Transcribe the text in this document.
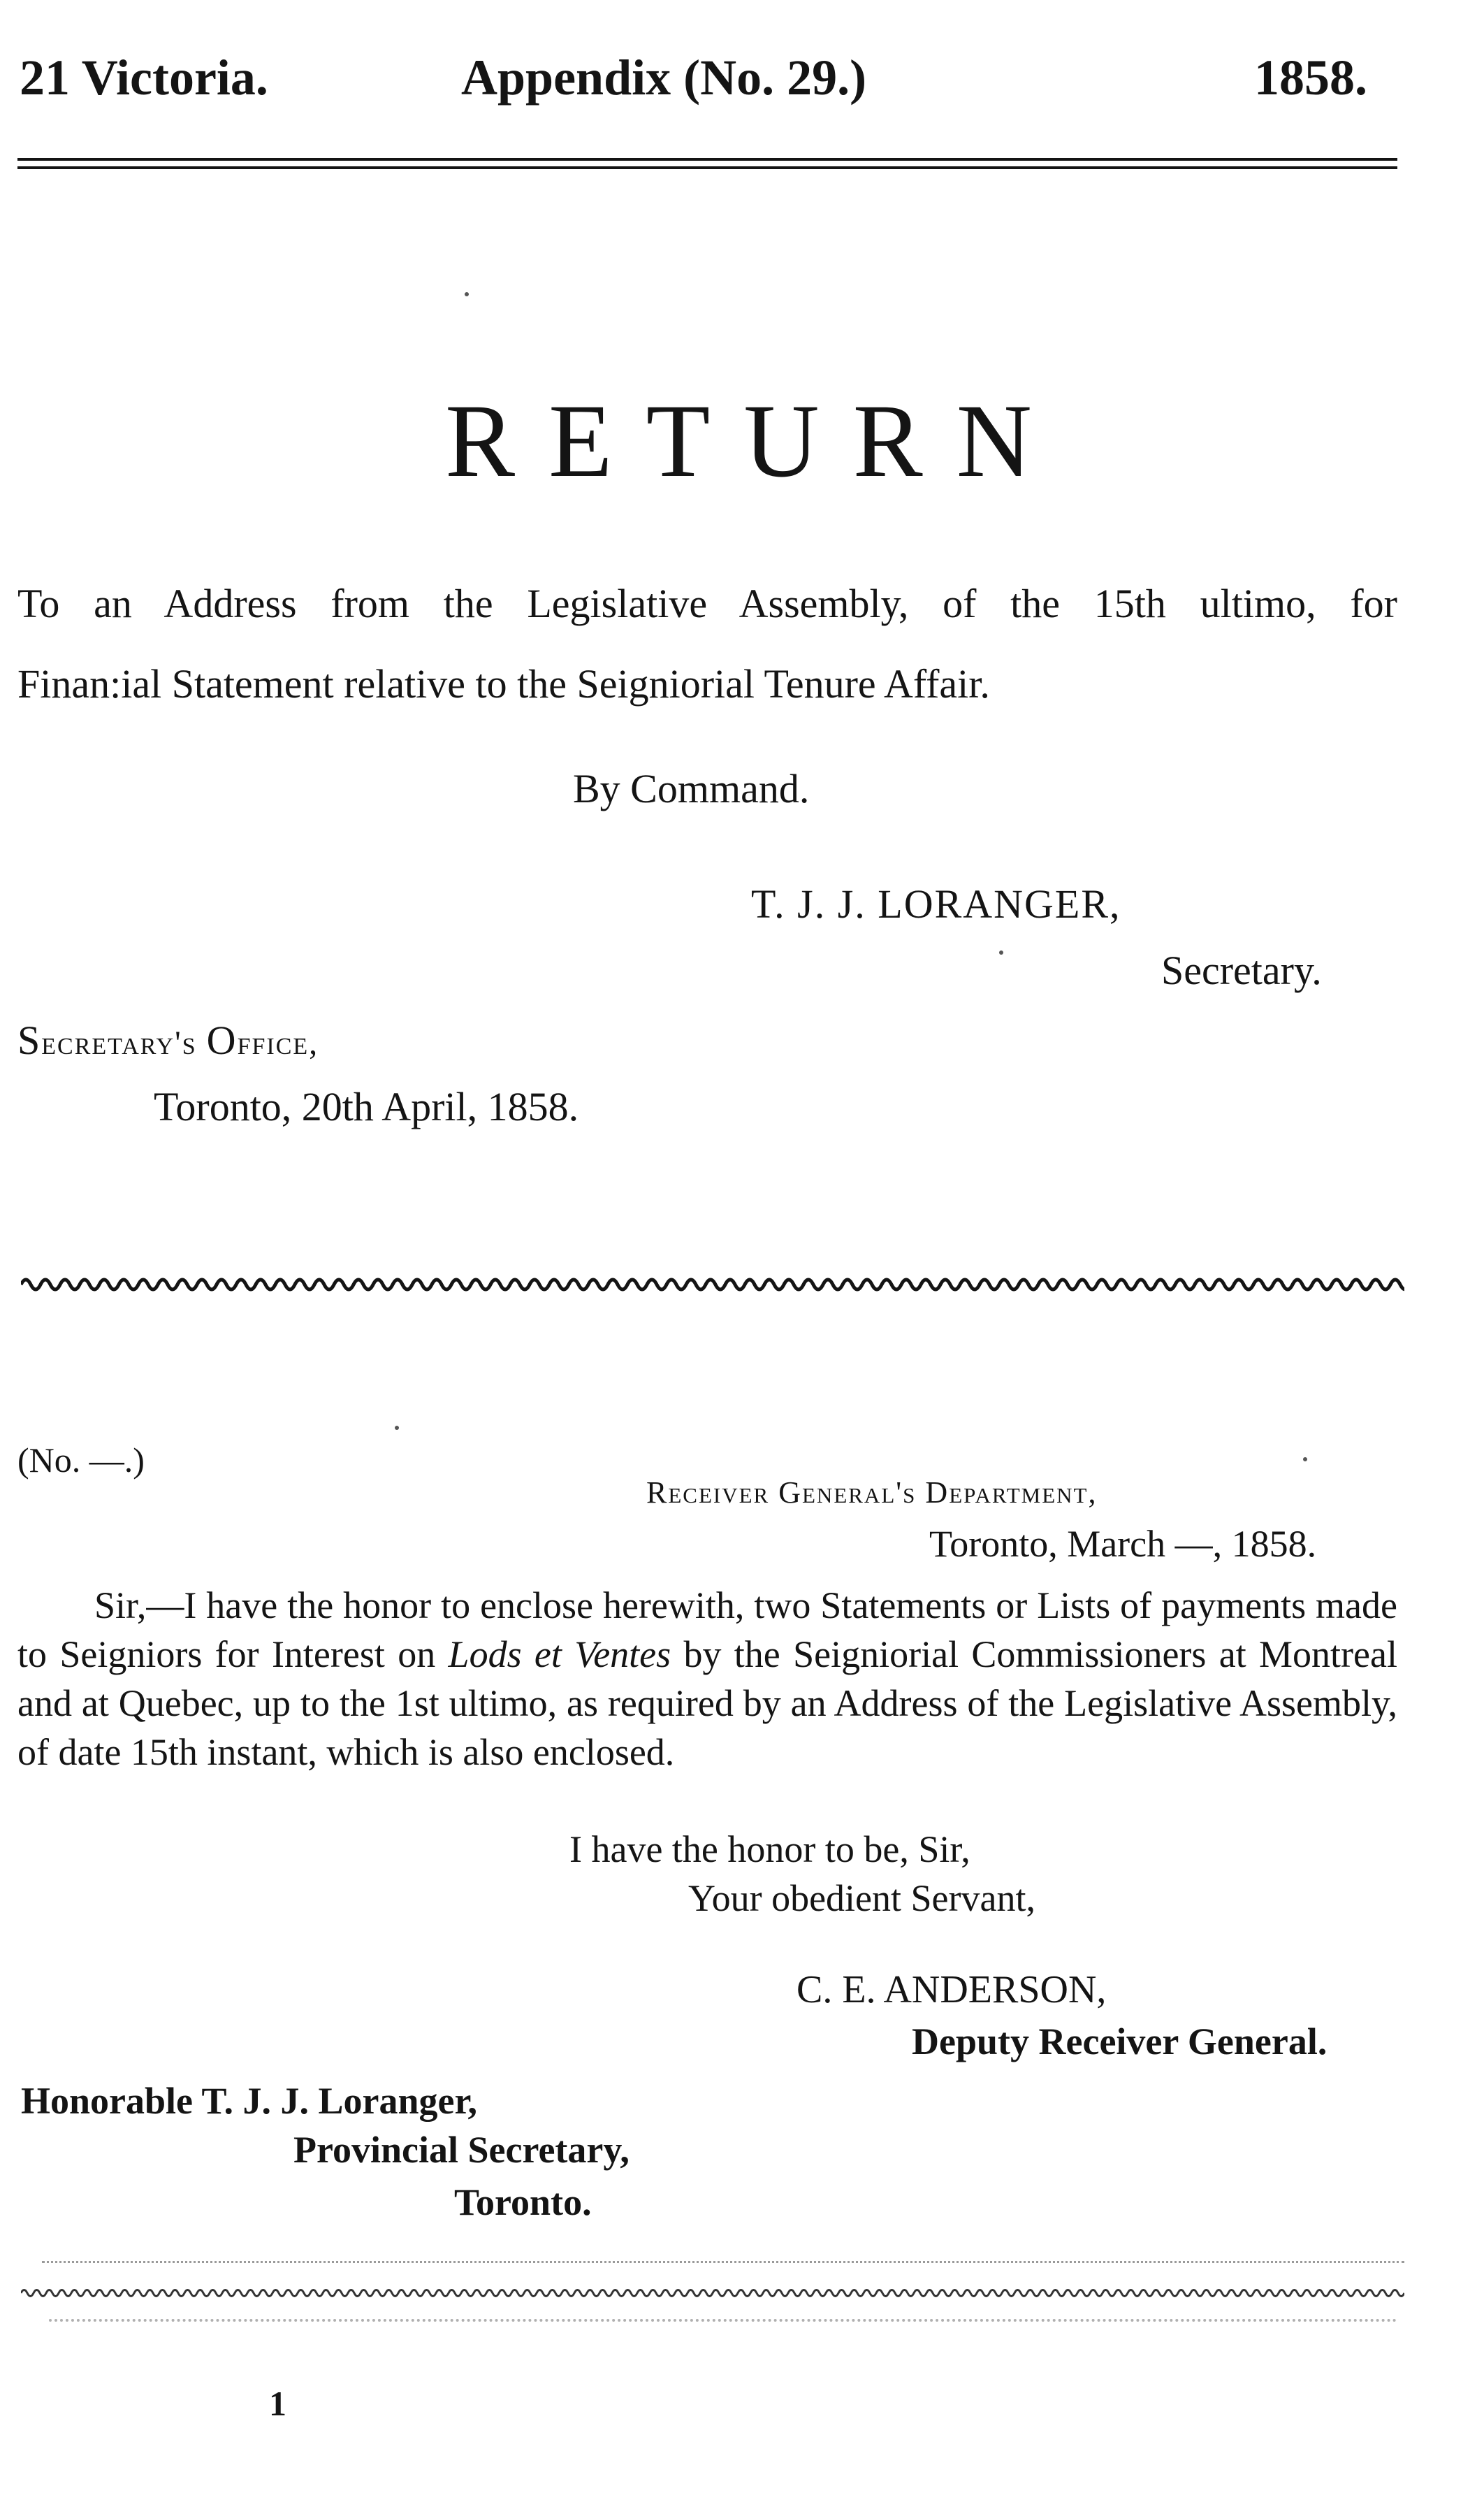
21 Victoria.	Appendix (No. 29.)	1858.
RETURN
To an Address from the Legislative Assembly, of the 15th ultimo, for
Finan:ial Statement relative to the Seigniorial Tenure Affair.
By Command.
T. J. J. LORANGER,
Secretary.
Secretary's Office,
Toronto, 20th April, 1858.
(No. —.)
Receiver General's Department,
Toronto, March —, 1858.
Sir,—I have the honor to enclose herewith, two Statements or Lists of payments made to Seigniors for Interest on Lods et Ventes by the Seigniorial Commissioners at Montreal and at Quebec, up to the 1st ultimo, as required by an Address of the Legislative Assembly, of date 15th instant, which is also enclosed.
I have the honor to be, Sir,
Your obedient Servant,
C. E. ANDERSON,
Deputy Receiver General.
Honorable T. J. J. Loranger,
Provincial Secretary,
Toronto.
1
